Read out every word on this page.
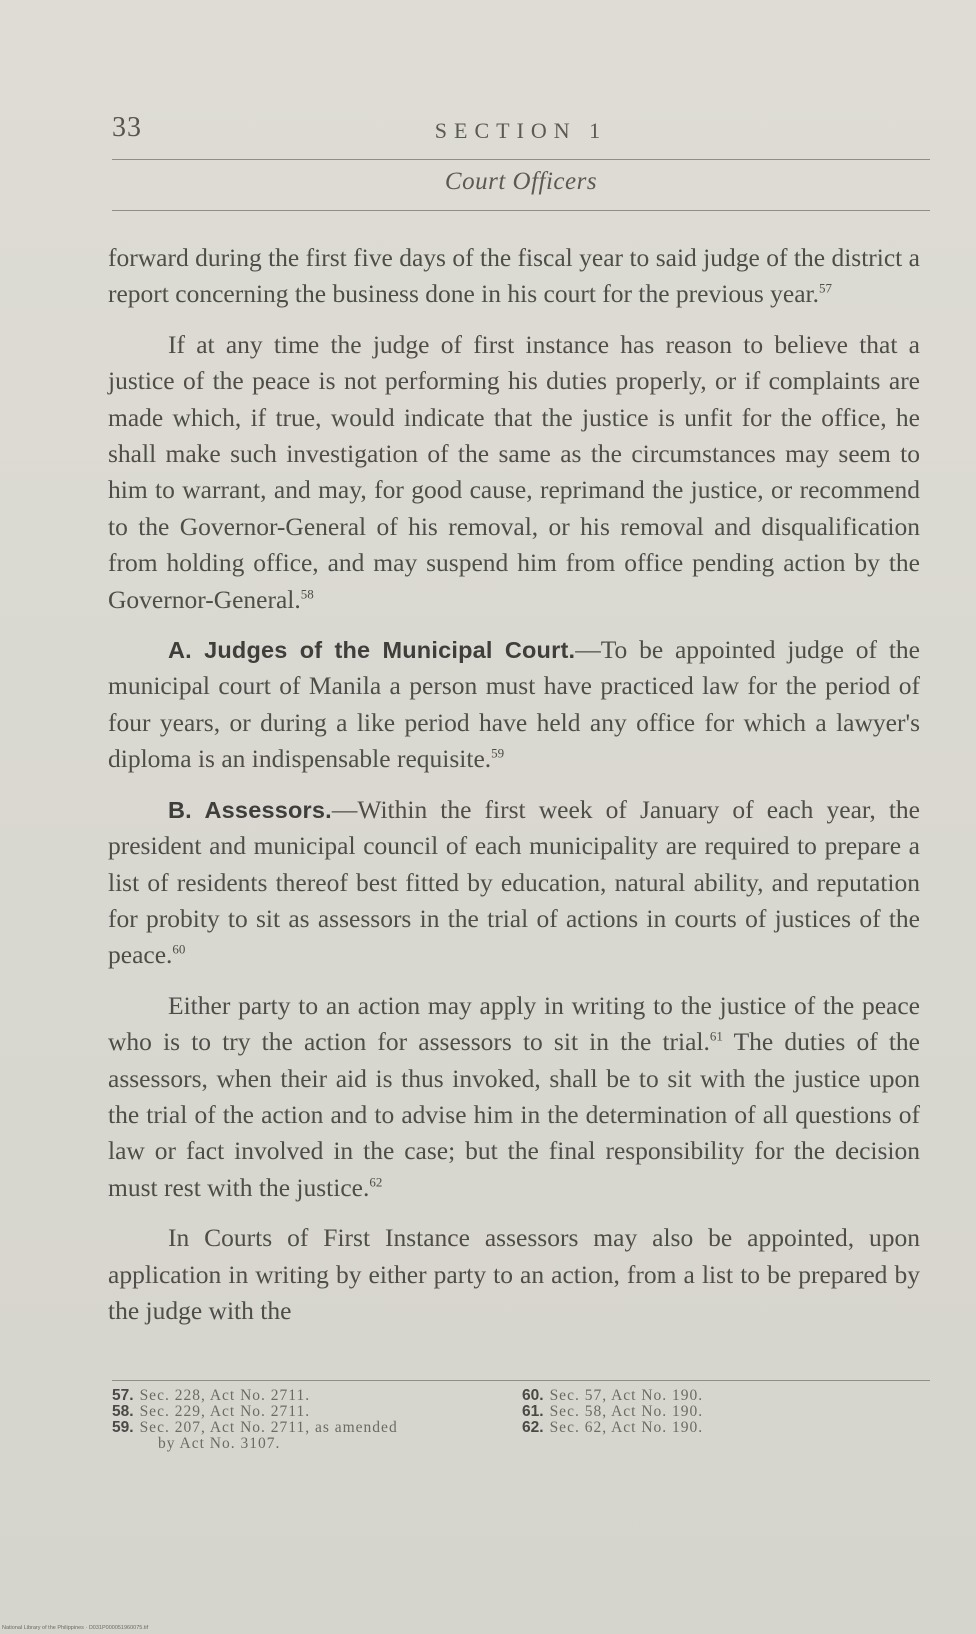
33	SECTION 1
Court Officers

forward during the first five days of the fiscal year to said judge of the district a report concerning the business done in his court for the previous year.$^{57}$

If at any time the judge of first instance has reason to believe that a justice of the peace is not performing his duties properly, or if complaints are made which, if true, would indicate that the justice is unfit for the office, he shall make such investigation of the same as the circumstances may seem to him to warrant, and may, for good cause, reprimand the justice, or recommend to the Governor-General of his removal, or his removal and disqualification from holding office, and may suspend him from office pending action by the Governor-General.$^{58}$

A. Judges of the Municipal Court.—To be appointed judge of the municipal court of Manila a person must have practiced law for the period of four years, or during a like period have held any office for which a lawyer's diploma is an indispensable requisite.$^{59}$

B. Assessors.—Within the first week of January of each year, the president and municipal council of each municipality are required to prepare a list of residents thereof best fitted by education, natural ability, and reputation for probity to sit as assessors in the trial of actions in courts of justices of the peace.$^{60}$

Either party to an action may apply in writing to the justice of the peace who is to try the action for assessors to sit in the trial.$^{61}$ The duties of the assessors, when their aid is thus invoked, shall be to sit with the justice upon the trial of the action and to advise him in the determination of all questions of law or fact involved in the case; but the final responsibility for the decision must rest with the justice.$^{62}$

In Courts of First Instance assessors may also be appointed, upon application in writing by either party to an action, from a list to be prepared by the judge with the

57. Sec. 228, Act No. 2711.
58. Sec. 229, Act No. 2711.
59. Sec. 207, Act No. 2711, as amended
by Act No. 3107.
60. Sec. 57, Act No. 190.
61. Sec. 58, Act No. 190.
62. Sec. 62, Act No. 190.
National Library of the Philippines · D031P000051960075.tif
